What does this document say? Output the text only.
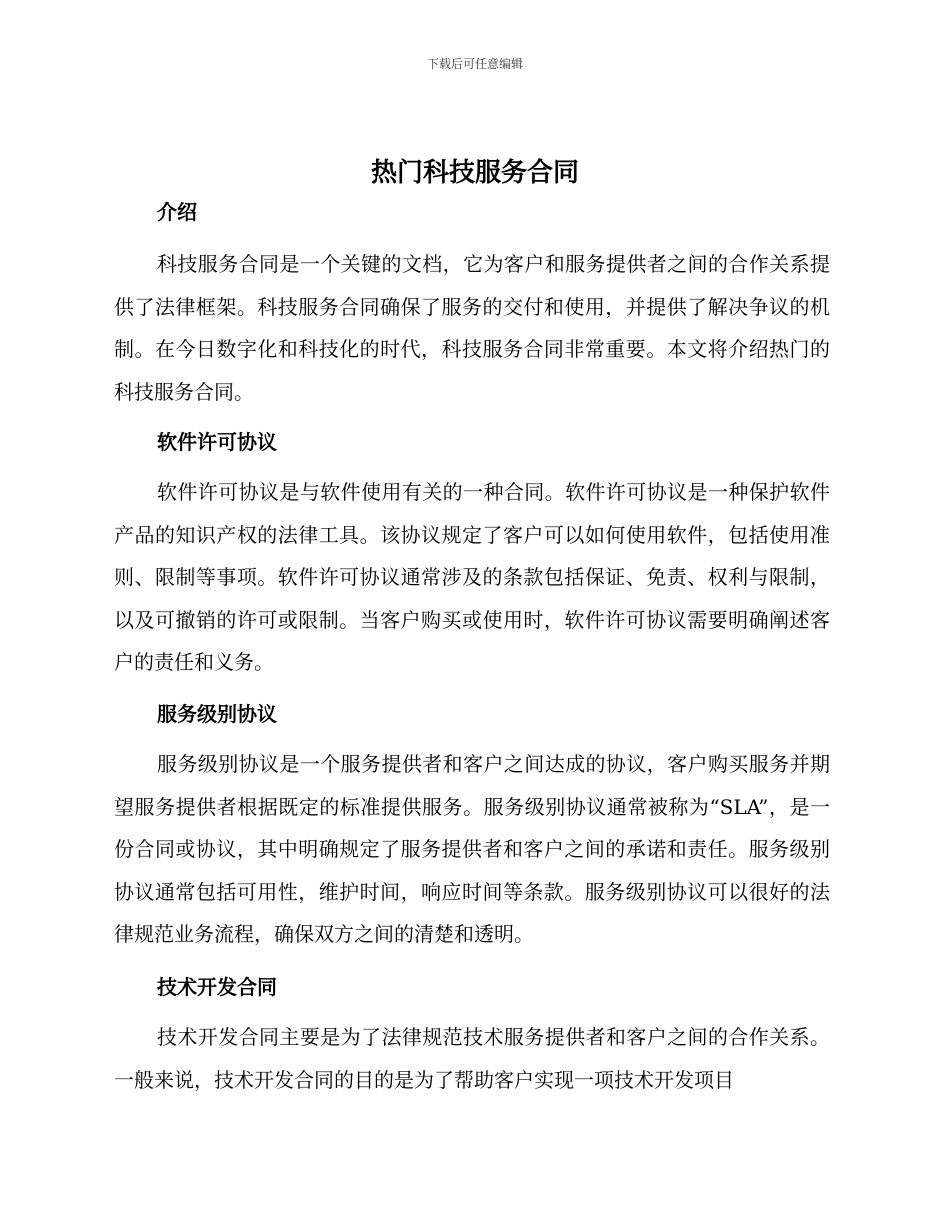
下载后可任意编辑
热门科技服务合同
介绍

科技服务合同是一个关键的文档，它为客户和服务提供者之间的合作关系提供了法律框架。科技服务合同确保了服务的交付和使用，并提供了解决争议的机制。在今日数字化和科技化的时代，科技服务合同非常重要。本文将介绍热门的科技服务合同。

软件许可协议

软件许可协议是与软件使用有关的一种合同。软件许可协议是一种保护软件产品的知识产权的法律工具。该协议规定了客户可以如何使用软件，包括使用准则、限制等事项。软件许可协议通常涉及的条款包括保证、免责、权利与限制，以及可撤销的许可或限制。当客户购买或使用时，软件许可协议需要明确阐述客户的责任和义务。

服务级别协议

服务级别协议是一个服务提供者和客户之间达成的协议，客户购买服务并期望服务提供者根据既定的标准提供服务。服务级别协议通常被称为“SLA”，是一份合同或协议，其中明确规定了服务提供者和客户之间的承诺和责任。服务级别协议通常包括可用性，维护时间，响应时间等条款。服务级别协议可以很好的法律规范业务流程，确保双方之间的清楚和透明。

技术开发合同

技术开发合同主要是为了法律规范技术服务提供者和客户之间的合作关系。一般来说，技术开发合同的目的是为了帮助客户实现一项技术开发项目
